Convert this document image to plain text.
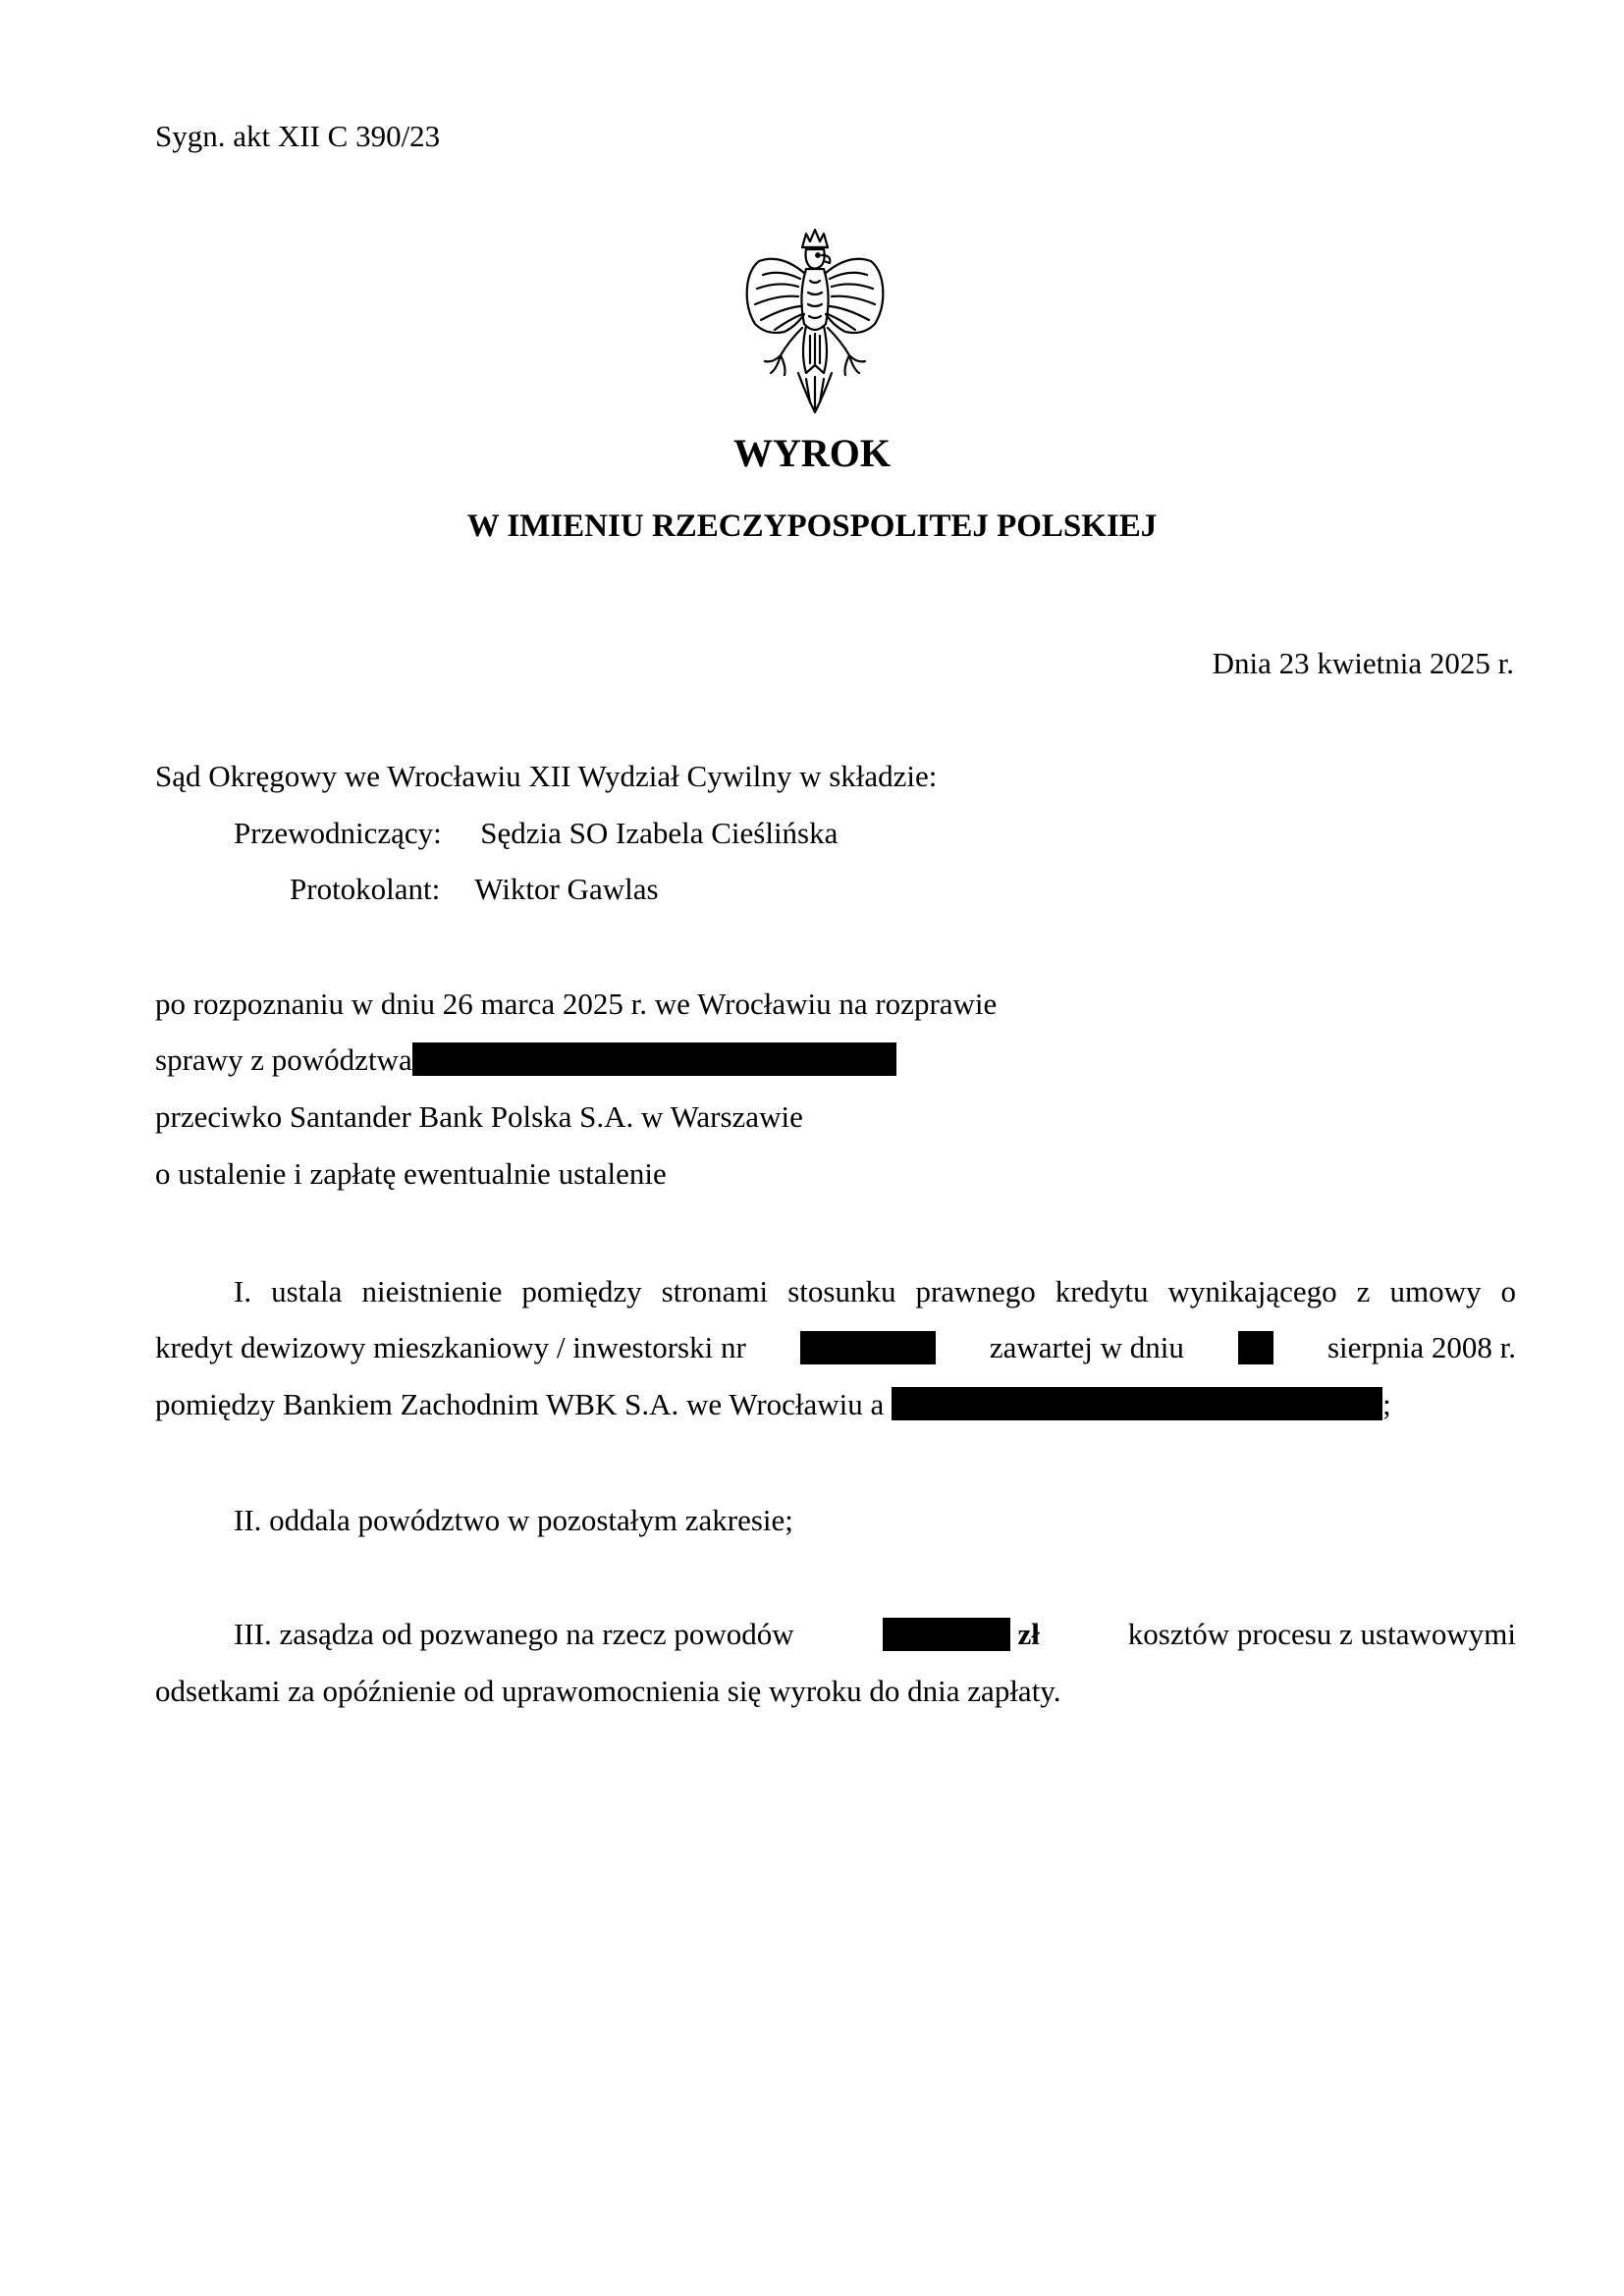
Sygn. akt XII C 390/23
WYROK
W IMIENIU RZECZYPOSPOLITEJ POLSKIEJ
Dnia 23 kwietnia 2025 r.
Sąd Okręgowy we Wrocławiu XII Wydział Cywilny w składzie:
Przewodniczący: Sędzia SO Izabela Cieślińska
Protokolant: Wiktor Gawlas
po rozpoznaniu w dniu 26 marca 2025 r. we Wrocławiu na rozprawie
sprawy z powództwa
przeciwko Santander Bank Polska S.A. w Warszawie
o ustalenie i zapłatę ewentualnie ustalenie
I. ustala nieistnienie pomiędzy stronami stosunku prawnego kredytu wynikającego z umowy o
kredyt dewizowy mieszkaniowy / inwestorski nr	zawartej w dniu	sierpnia 2008 r.
pomiędzy Bankiem Zachodnim WBK S.A. we Wrocławiu a	;
II. oddala powództwo w pozostałym zakresie;
III. zasądza od pozwanego na rzecz powodów	zł	kosztów procesu z ustawowymi
odsetkami za opóźnienie od uprawomocnienia się wyroku do dnia zapłaty.
